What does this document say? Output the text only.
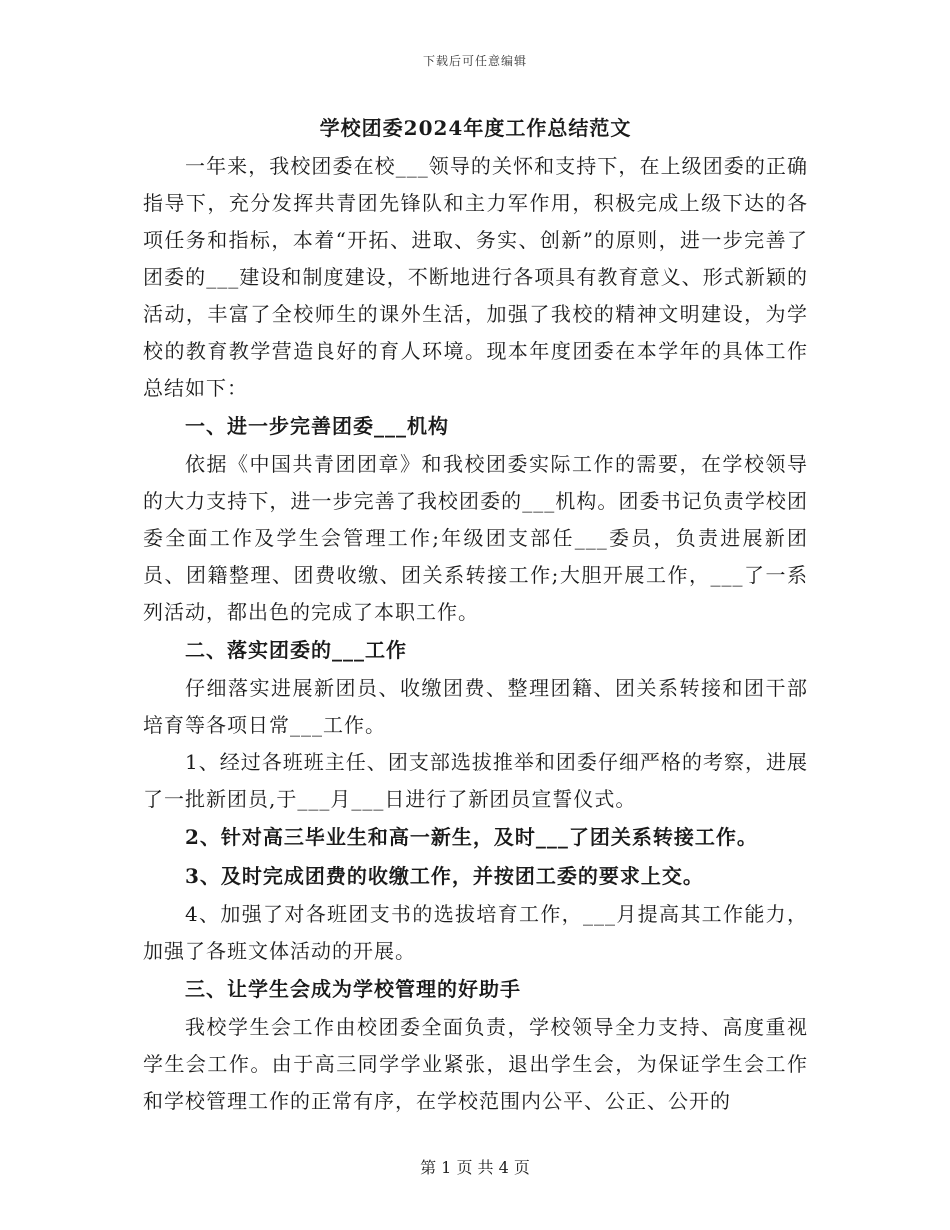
下载后可任意编辑
学校团委2024年度工作总结范文

一年来，我校团委在校___领导的关怀和支持下，在上级团委的正确指导下，充分发挥共青团先锋队和主力军作用，积极完成上级下达的各项任务和指标，本着“开拓、进取、务实、创新”的原则，进一步完善了团委的___建设和制度建设，不断地进行各项具有教育意义、形式新颖的活动，丰富了全校师生的课外生活，加强了我校的精神文明建设，为学校的教育教学营造良好的育人环境。现本年度团委在本学年的具体工作总结如下：

一、进一步完善团委___机构

依据《中国共青团团章》和我校团委实际工作的需要，在学校领导的大力支持下，进一步完善了我校团委的___机构。团委书记负责学校团委全面工作及学生会管理工作;年级团支部任___委员，负责进展新团员、团籍整理、团费收缴、团关系转接工作;大胆开展工作，___了一系列活动，都出色的完成了本职工作。

二、落实团委的___工作

仔细落实进展新团员、收缴团费、整理团籍、团关系转接和团干部培育等各项日常___工作。

1、经过各班班主任、团支部选拔推举和团委仔细严格的考察，进展了一批新团员,于___月___日进行了新团员宣誓仪式。

2、针对高三毕业生和高一新生，及时___了团关系转接工作。

3、及时完成团费的收缴工作，并按团工委的要求上交。

4、加强了对各班团支书的选拔培育工作，___月提高其工作能力，加强了各班文体活动的开展。

三、让学生会成为学校管理的好助手

我校学生会工作由校团委全面负责，学校领导全力支持、高度重视学生会工作。由于高三同学学业紧张，退出学生会，为保证学生会工作和学校管理工作的正常有序，在学校范围内公平、公正、公开的

第 1 页 共 4 页
